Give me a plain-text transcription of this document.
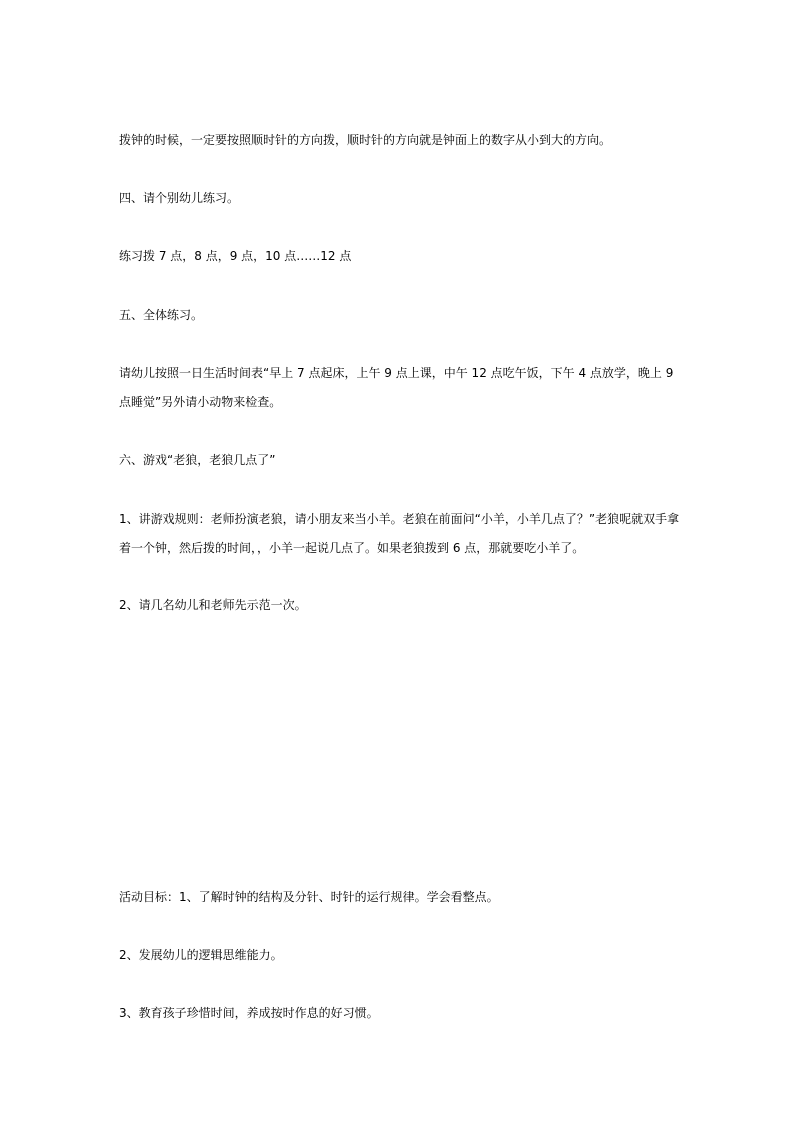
拨钟的时候，一定要按照顺时针的方向拨，顺时针的方向就是钟面上的数字从小到大的方向。
四、请个别幼儿练习。
练习拨 7 点，8 点，9 点，10 点……12 点
五、全体练习。
请幼儿按照一日生活时间表“早上 7 点起床，上午 9 点上课，中午 12 点吃午饭，下午 4 点放学，晚上 9 点睡觉”另外请小动物来检查。
六、游戏“老狼，老狼几点了”
1、讲游戏规则：老师扮演老狼，请小朋友来当小羊。老狼在前面问“小羊，小羊几点了？”老狼呢就双手拿着一个钟，然后拨的时间，，小羊一起说几点了。如果老狼拨到 6 点，那就要吃小羊了。
2、请几名幼儿和老师先示范一次。
活动目标：1、了解时钟的结构及分针、时针的运行规律。学会看整点。
2、发展幼儿的逻辑思维能力。
3、教育孩子珍惜时间，养成按时作息的好习惯。
